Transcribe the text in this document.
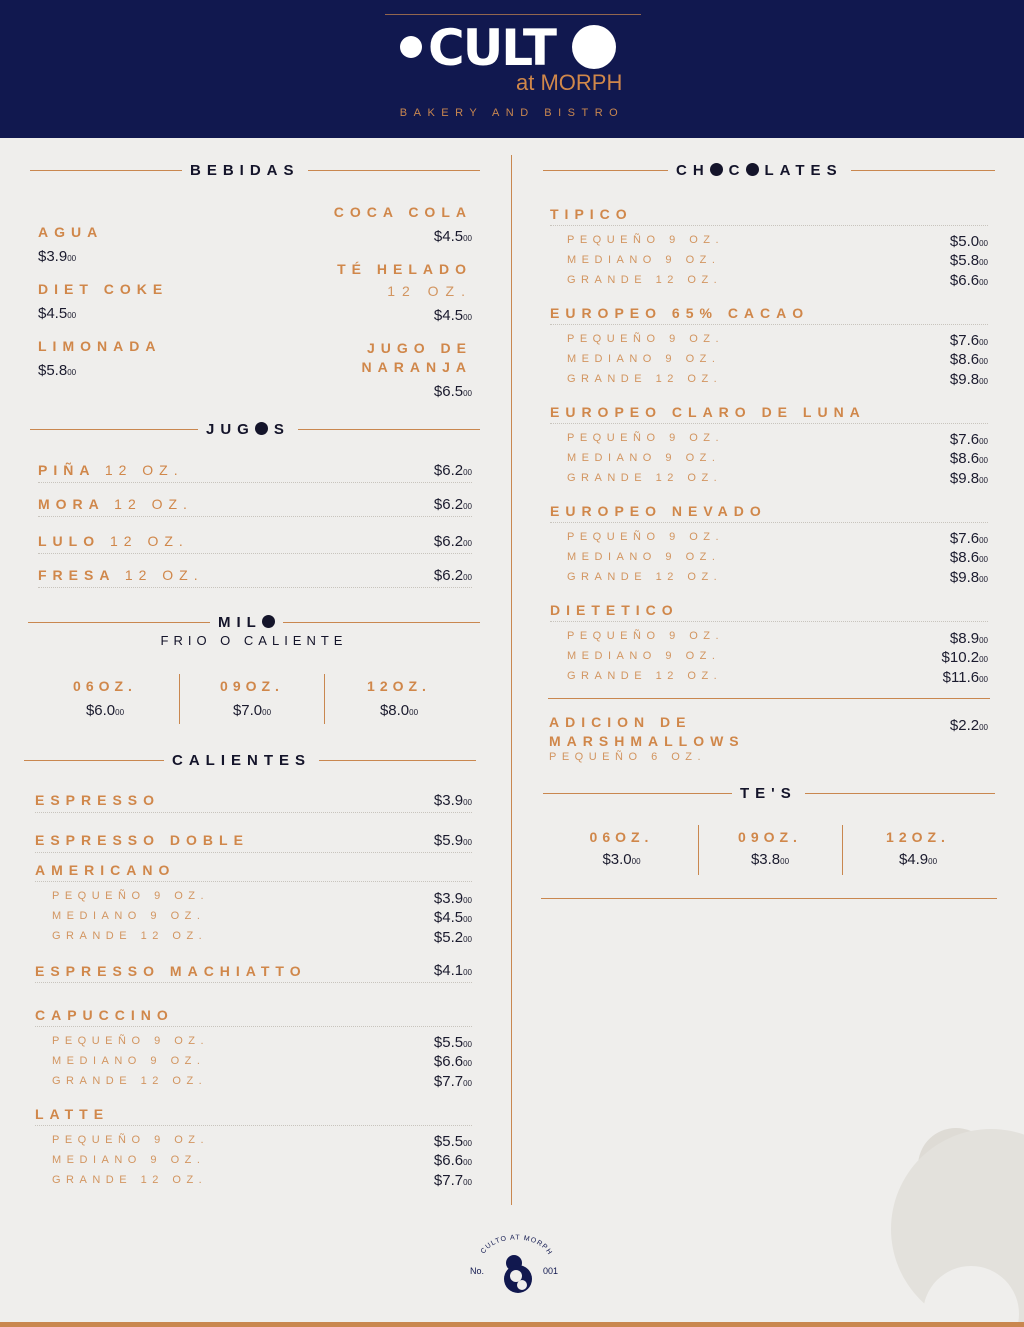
CULT
at MORPH
BAKERY AND BISTRO
BEBIDAS
AGUA
$3.900
DIET COKE
$4.500
LIMONADA
$5.800
COCA COLA
$4.500
TÉ HELADO
12 OZ.
$4.500
JUGO DE
NARANJA
$6.500
JUG S
PIÑA 12 OZ.	$6.200
MORA 12 OZ.	$6.200
LULO 12 OZ.	$6.200
FRESA 12 OZ.	$6.200
MIL
FRIO O CALIENTE
06OZ.
$6.000
09OZ.
$7.000
12OZ.
$8.000
CALIENTES
ESPRESSO	$3.900
ESPRESSO DOBLE	$5.900
AMERICANO
PEQUEÑO 9 OZ.	$3.900
MEDIANO 9 OZ.	$4.500
GRANDE 12 OZ.	$5.200
ESPRESSO MACHIATTO	$4.100
CAPUCCINO
PEQUEÑO 9 OZ.	$5.500
MEDIANO 9 OZ.	$6.600
GRANDE 12 OZ.	$7.700
LATTE
PEQUEÑO 9 OZ.	$5.500
MEDIANO 9 OZ.	$6.600
GRANDE 12 OZ.	$7.700
CH C LATES
TIPICO
PEQUEÑO 9 OZ.	$5.000
MEDIANO 9 OZ.	$5.800
GRANDE 12 OZ.	$6.600
EUROPEO 65% CACAO
PEQUEÑO 9 OZ.	$7.600
MEDIANO 9 OZ.	$8.600
GRANDE 12 OZ.	$9.800
EUROPEO CLARO DE LUNA
PEQUEÑO 9 OZ.	$7.600
MEDIANO 9 OZ.	$8.600
GRANDE 12 OZ.	$9.800
EUROPEO NEVADO
PEQUEÑO 9 OZ.	$7.600
MEDIANO 9 OZ.	$8.600
GRANDE 12 OZ.	$9.800
DIETETICO
PEQUEÑO 9 OZ.	$8.900
MEDIANO 9 OZ.	$10.200
GRANDE 12 OZ.	$11.600
ADICION DE
MARSHMALLOWS
PEQUEÑO 6 OZ.
$2.200
TE'S
06OZ.
$3.000
09OZ.
$3.800
12OZ.
$4.900
CULTO AT MORPH
No.	001
